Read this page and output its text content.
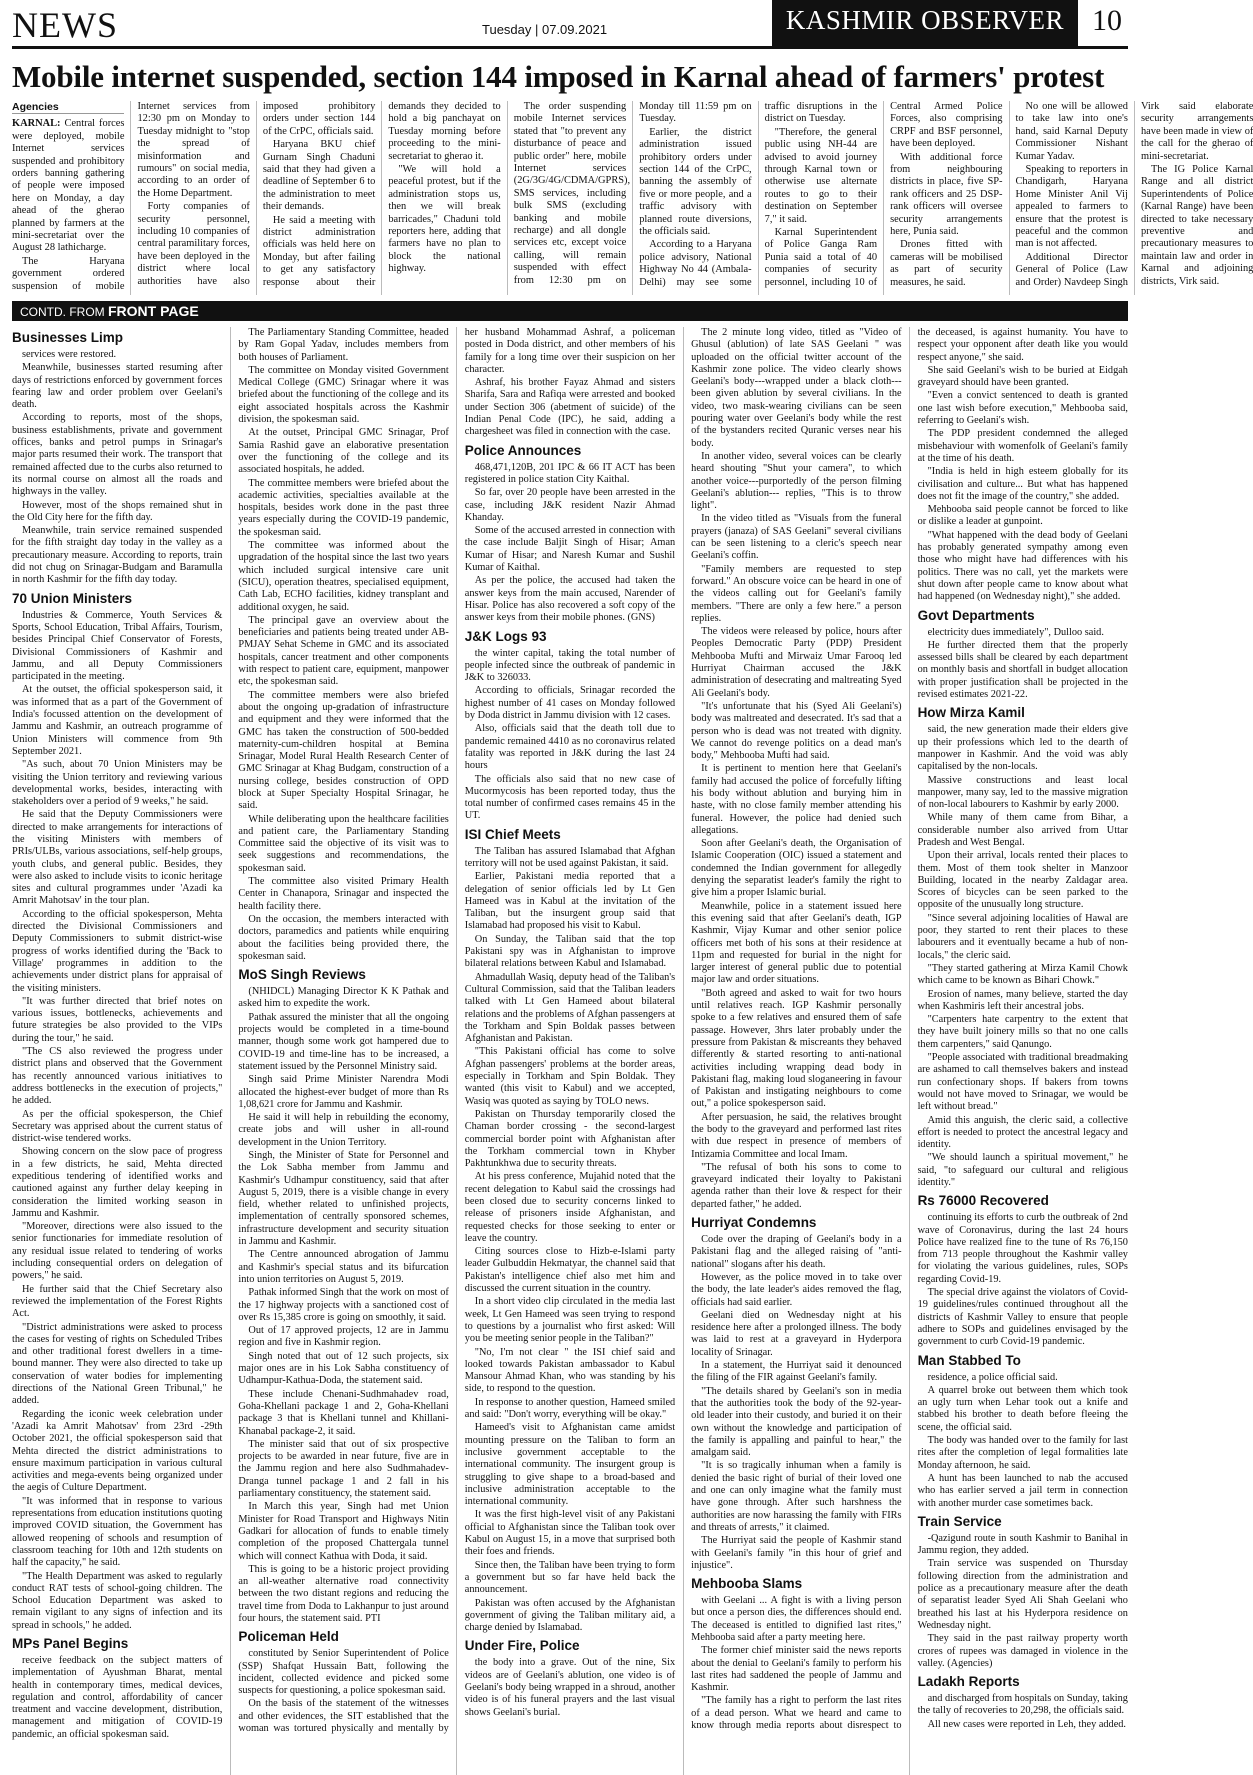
NEWS	Tuesday | 07.09.2021	KASHMIR OBSERVER 10
Mobile internet suspended, section 144 imposed in Karnal ahead of farmers' protest
Agencies

KARNAL: Central forces were deployed, mobile Internet services suspended and prohibitory orders banning gathering of people were imposed here on Monday, a day ahead of the gherao planned by farmers at the mini-secretariat over the August 28 lathicharge.

The Haryana government ordered suspension of mobile Internet services from 12:30 pm on Monday to Tuesday midnight to "stop the spread of misinformation and rumours" on social media, according to an order of the Home Department.

Forty companies of security personnel, including 10 companies of central paramilitary forces, have been deployed in the district where local authorities have also imposed prohibitory orders under section 144 of the CrPC, officials said.

Haryana BKU chief Gurnam Singh Chaduni said that they had given a deadline of September 6 to the administration to meet their demands.

He said a meeting with district administration officials was held here on Monday, but after failing to get any satisfactory response about their demands they decided to hold a big panchayat on Tuesday morning before proceeding to the mini-secretariat to gherao it.

"We will hold a peaceful protest, but if the administration stops us, then we will break barricades," Chaduni told reporters here, adding that farmers have no plan to block the national highway.

The order suspending mobile Internet services stated that "to prevent any disturbance of peace and public order" here, mobile Internet services (2G/3G/4G/CDMA/GPRS), SMS services, including bulk SMS (excluding banking and mobile recharge) and all dongle services etc, except voice calling, will remain suspended with effect from 12:30 pm on Monday till 11:59 pm on Tuesday.

Earlier, the district administration issued prohibitory orders under section 144 of the CrPC, banning the assembly of five or more people, and a traffic advisory with planned route diversions, the officials said.

According to a Haryana police advisory, National Highway No 44 (Ambala-Delhi) may see some traffic disruptions in the district on Tuesday.

"Therefore, the general public using NH-44 are advised to avoid journey through Karnal town or otherwise use alternate routes to go to their destination on September 7," it said.

Karnal Superintendent of Police Ganga Ram Punia said a total of 40 companies of security personnel, including 10 of Central Armed Police Forces, also comprising CRPF and BSF personnel, have been deployed.

With additional force from neighbouring districts in place, five SP-rank officers and 25 DSP-rank officers will oversee security arrangements here, Punia said.

Drones fitted with cameras will be mobilised as part of security measures, he said.

No one will be allowed to take law into one's hand, said Karnal Deputy Commissioner Nishant Kumar Yadav.

Speaking to reporters in Chandigarh, Haryana Home Minister Anil Vij appealed to farmers to ensure that the protest is peaceful and the common man is not affected.

Additional Director General of Police (Law and Order) Navdeep Singh Virk said elaborate security arrangements have been made in view of the call for the gherao of mini-secretariat.

The IG Police Karnal Range and all district Superintendents of Police (Karnal Range) have been directed to take necessary preventive and precautionary measures to maintain law and order in Karnal and adjoining districts, Virk said.

CONTD. FROM FRONT PAGE
Businesses Limp

services were restored.

Meanwhile, businesses started resuming after days of restrictions enforced by government forces fearing law and order problem over Geelani's death.

According to reports, most of the shops, business establishments, private and government offices, banks and petrol pumps in Srinagar's major parts resumed their work. The transport that remained affected due to the curbs also returned to its normal course on almost all the roads and highways in the valley.

However, most of the shops remained shut in the Old City here for the fifth day.

Meanwhile, train service remained suspended for the fifth straight day today in the valley as a precautionary measure. According to reports, train did not chug on Srinagar-Budgam and Baramulla in north Kashmir for the fifth day today.

70 Union Ministers

Industries & Commerce, Youth Services & Sports, School Education, Tribal Affairs, Tourism, besides Principal Chief Conservator of Forests, Divisional Commissioners of Kashmir and Jammu, and all Deputy Commissioners participated in the meeting.

At the outset, the official spokesperson said, it was informed that as a part of the Government of India's focussed attention on the development of Jammu and Kashmir, an outreach programme of Union Ministers will commence from 9th September 2021.

"As such, about 70 Union Ministers may be visiting the Union territory and reviewing various developmental works, besides, interacting with stakeholders over a period of 9 weeks," he said.

He said that the Deputy Commissioners were directed to make arrangements for interactions of the visiting Ministers with members of PRIs/ULBs, various associations, self-help groups, youth clubs, and general public. Besides, they were also asked to include visits to iconic heritage sites and cultural programmes under 'Azadi ka Amrit Mahotsav' in the tour plan.

According to the official spokesperson, Mehta directed the Divisional Commissioners and Deputy Commissioners to submit district-wise progress of works identified during the 'Back to Village' programmes in addition to the achievements under district plans for appraisal of the visiting ministers.

"It was further directed that brief notes on various issues, bottlenecks, achievements and future strategies be also provided to the VIPs during the tour," he said.

"The CS also reviewed the progress under district plans and observed that the Government has recently announced various initiatives to address bottlenecks in the execution of projects," he added.

As per the official spokesperson, the Chief Secretary was apprised about the current status of district-wise tendered works.

Showing concern on the slow pace of progress in a few districts, he said, Mehta directed expeditious tendering of identified works and cautioned against any further delay keeping in consideration the limited working season in Jammu and Kashmir.

"Moreover, directions were also issued to the senior functionaries for immediate resolution of any residual issue related to tendering of works including consequential orders on delegation of powers," he said.

He further said that the Chief Secretary also reviewed the implementation of the Forest Rights Act.

"District administrations were asked to process the cases for vesting of rights on Scheduled Tribes and other traditional forest dwellers in a time-bound manner. They were also directed to take up conservation of water bodies for implementing directions of the National Green Tribunal," he added.

Regarding the iconic week celebration under 'Azadi ka Amrit Mahotsav' from 23rd -29th October 2021, the official spokesperson said that Mehta directed the district administrations to ensure maximum participation in various cultural activities and mega-events being organized under the aegis of Culture Department.

"It was informed that in response to various representations from education institutions quoting improved COVID situation, the Government has allowed reopening of schools and resumption of classroom teaching for 10th and 12th students on half the capacity," he said.

"The Health Department was asked to regularly conduct RAT tests of school-going children. The School Education Department was asked to remain vigilant to any signs of infection and its spread in schools," he added.

MPs Panel Begins

receive feedback on the subject matters of implementation of Ayushman Bharat, mental health in contemporary times, medical devices, regulation and control, affordability of cancer treatment and vaccine development, distribution, management and mitigation of COVID-19 pandemic, an official spokesman said.

The Parliamentary Standing Committee, headed by Ram Gopal Yadav, includes members from both houses of Parliament.

The committee on Monday visited Government Medical College (GMC) Srinagar where it was briefed about the functioning of the college and its eight associated hospitals across the Kashmir division, the spokesman said.

At the outset, Principal GMC Srinagar, Prof Samia Rashid gave an elaborative presentation over the functioning of the college and its associated hospitals, he added.

The committee members were briefed about the academic activities, specialties available at the hospitals, besides work done in the past three years especially during the COVID-19 pandemic, the spokesman said.

The committee was informed about the upgradation of the hospital since the last two years which included surgical intensive care unit (SICU), operation theatres, specialised equipment, Cath Lab, ECHO facilities, kidney transplant and additional oxygen, he said.

The principal gave an overview about the beneficiaries and patients being treated under AB-PMJAY Sehat Scheme in GMC and its associated hospitals, cancer treatment and other components with respect to patient care, equipment, manpower etc, the spokesman said.

The committee members were also briefed about the ongoing up-gradation of infrastructure and equipment and they were informed that the GMC has taken the construction of 500-bedded maternity-cum-children hospital at Bemina Srinagar, Model Rural Health Research Center of GMC Srinagar at Khag Budgam, construction of a nursing college, besides construction of OPD block at Super Specialty Hospital Srinagar, he said.

While deliberating upon the healthcare facilities and patient care, the Parliamentary Standing Committee said the objective of its visit was to seek suggestions and recommendations, the spokesman said.

The committee also visited Primary Health Center in Chanapora, Srinagar and inspected the health facility there.

On the occasion, the members interacted with doctors, paramedics and patients while enquiring about the facilities being provided there, the spokesman said.

MoS Singh Reviews

(NHIDCL) Managing Director K K Pathak and asked him to expedite the work.

Pathak assured the minister that all the ongoing projects would be completed in a time-bound manner, though some work got hampered due to COVID-19 and time-line has to be increased, a statement issued by the Personnel Ministry said.

Singh said Prime Minister Narendra Modi allocated the highest-ever budget of more than Rs 1,08,621 crore for Jammu and Kashmir.

He said it will help in rebuilding the economy, create jobs and will usher in all-round development in the Union Territory.

Singh, the Minister of State for Personnel and the Lok Sabha member from Jammu and Kashmir's Udhampur constituency, said that after August 5, 2019, there is a visible change in every field, whether related to unfinished projects, implementation of centrally sponsored schemes, infrastructure development and security situation in Jammu and Kashmir.

The Centre announced abrogation of Jammu and Kashmir's special status and its bifurcation into union territories on August 5, 2019.

Pathak informed Singh that the work on most of the 17 highway projects with a sanctioned cost of over Rs 15,385 crore is going on smoothly, it said.

Out of 17 approved projects, 12 are in Jammu region and five in Kashmir region.

Singh noted that out of 12 such projects, six major ones are in his Lok Sabha constituency of Udhampur-Kathua-Doda, the statement said.

These include Chenani-Sudhmahadev road, Goha-Khellani package 1 and 2, Goha-Khellani package 3 that is Khellani tunnel and Khillani-Khanabal package-2, it said.

The minister said that out of six prospective projects to be awarded in near future, five are in the Jammu region and here also Sudhmahadev-Dranga tunnel package 1 and 2 fall in his parliamentary constituency, the statement said.

In March this year, Singh had met Union Minister for Road Transport and Highways Nitin Gadkari for allocation of funds to enable timely completion of the proposed Chattergala tunnel which will connect Kathua with Doda, it said.

This is going to be a historic project providing an all-weather alternative road connectivity between the two distant regions and reducing the travel time from Doda to Lakhanpur to just around four hours, the statement said. PTI

Policeman Held

constituted by Senior Superintendent of Police (SSP) Shafqat Hussain Batt, following the incident, collected evidence and picked some suspects for questioning, a police spokesman said.

On the basis of the statement of the witnesses and other evidences, the SIT established that the woman was tortured physically and mentally by her husband Mohammad Ashraf, a policeman posted in Doda district, and other members of his family for a long time over their suspicion on her character.

Ashraf, his brother Fayaz Ahmad and sisters Sharifa, Sara and Rafiqa were arrested and booked under Section 306 (abetment of suicide) of the Indian Penal Code (IPC), he said, adding a chargesheet was filed in connection with the case.

Police Announces

468,471,120B, 201 IPC & 66 IT ACT has been registered in police station City Kaithal.

So far, over 20 people have been arrested in the case, including J&K resident Nazir Ahmad Khanday.

Some of the accused arrested in connection with the case include Baljit Singh of Hisar; Aman Kumar of Hisar; and Naresh Kumar and Sushil Kumar of Kaithal.

As per the police, the accused had taken the answer keys from the main accused, Narender of Hisar. Police has also recovered a soft copy of the answer keys from their mobile phones. (GNS)

J&K Logs 93

the winter capital, taking the total number of people infected since the outbreak of pandemic in J&K to 326033.

According to officials, Srinagar recorded the highest number of 41 cases on Monday followed by Doda district in Jammu division with 12 cases.

Also, officials said that the death toll due to pandemic remained 4410 as no coronavirus related fatality was reported in J&K during the last 24 hours

The officials also said that no new case of Mucormycosis has been reported today, thus the total number of confirmed cases remains 45 in the UT.

ISI Chief Meets

The Taliban has assured Islamabad that Afghan territory will not be used against Pakistan, it said.

Earlier, Pakistani media reported that a delegation of senior officials led by Lt Gen Hameed was in Kabul at the invitation of the Taliban, but the insurgent group said that Islamabad had proposed his visit to Kabul.

On Sunday, the Taliban said that the top Pakistani spy was in Afghanistan to improve bilateral relations between Kabul and Islamabad.

Ahmadullah Wasiq, deputy head of the Taliban's Cultural Commission, said that the Taliban leaders talked with Lt Gen Hameed about bilateral relations and the problems of Afghan passengers at the Torkham and Spin Boldak passes between Afghanistan and Pakistan.

"This Pakistani official has come to solve Afghan passengers' problems at the border areas, especially in Torkham and Spin Boldak. They wanted (this visit to Kabul) and we accepted, Wasiq was quoted as saying by TOLO news.

Pakistan on Thursday temporarily closed the Chaman border crossing - the second-largest commercial border point with Afghanistan after the Torkham commercial town in Khyber Pakhtunkhwa due to security threats.

At his press conference, Mujahid noted that the recent delegation to Kabul said the crossings had been closed due to security concerns linked to release of prisoners inside Afghanistan, and requested checks for those seeking to enter or leave the country.

Citing sources close to Hizb-e-Islami party leader Gulbuddin Hekmatyar, the channel said that Pakistan's intelligence chief also met him and discussed the current situation in the country.

In a short video clip circulated in the media last week, Lt Gen Hameed was seen trying to respond to questions by a journalist who first asked: Will you be meeting senior people in the Taliban?"

"No, I'm not clear " the ISI chief said and looked towards Pakistan ambassador to Kabul Mansour Ahmad Khan, who was standing by his side, to respond to the question.

In response to another question, Hameed smiled and said: "Don't worry, everything will be okay."

Hameed's visit to Afghanistan came amidst mounting pressure on the Taliban to form an inclusive government acceptable to the international community. The insurgent group is struggling to give shape to a broad-based and inclusive administration acceptable to the international community.

It was the first high-level visit of any Pakistani official to Afghanistan since the Taliban took over Kabul on August 15, in a move that surprised both their foes and friends.

Since then, the Taliban have been trying to form a government but so far have held back the announcement.

Pakistan was often accused by the Afghanistan government of giving the Taliban military aid, a charge denied by Islamabad.

Under Fire, Police

the body into a grave. Out of the nine, Six videos are of Geelani's ablution, one video is of Geelani's body being wrapped in a shroud, another video is of his funeral prayers and the last visual shows Geelani's burial.

The 2 minute long video, titled as "Video of Ghusul (ablution) of late SAS Geelani " was uploaded on the official twitter account of the Kashmir zone police. The video clearly shows Geelani's body---wrapped under a black cloth---been given ablution by several civilians. In the video, two mask-wearing civilians can be seen pouring water over Geelani's body while the rest of the bystanders recited Quranic verses near his body.

In another video, several voices can be clearly heard shouting "Shut your camera", to which another voice---purportedly of the person filming Geelani's ablution--- replies, "This is to throw light".

In the video titled as "Visuals from the funeral prayers (janaza) of SAS Geelani" several civilians can be seen listening to a cleric's speech near Geelani's coffin.

"Family members are requested to step forward." An obscure voice can be heard in one of the videos calling out for Geelani's family members. "There are only a few here." a person replies.

The videos were released by police, hours after Peoples Democratic Party (PDP) President Mehbooba Mufti and Mirwaiz Umar Farooq led Hurriyat Chairman accused the J&K administration of desecrating and maltreating Syed Ali Geelani's body.

"It's unfortunate that his (Syed Ali Geelani's) body was maltreated and desecrated. It's sad that a person who is dead was not treated with dignity. We cannot do revenge politics on a dead man's body," Mehbooba Mufti had said.

It is pertinent to mention here that Geelani's family had accused the police of forcefully lifting his body without ablution and burying him in haste, with no close family member attending his funeral. However, the police had denied such allegations.

Soon after Geelani's death, the Organisation of Islamic Cooperation (OIC) issued a statement and condemned the Indian government for allegedly denying the separatist leader's family the right to give him a proper Islamic burial.

Meanwhile, police in a statement issued here this evening said that after Geelani's death, IGP Kashmir, Vijay Kumar and other senior police officers met both of his sons at their residence at 11pm and requested for burial in the night for larger interest of general public due to potential major law and order situations.

"Both agreed and asked to wait for two hours until relatives reach. IGP Kashmir personally spoke to a few relatives and ensured them of safe passage. However, 3hrs later probably under the pressure from Pakistan & miscreants they behaved differently & started resorting to anti-national activities including wrapping dead body in Pakistani flag, making loud sloganeering in favour of Pakistan and instigating neighbours to come out," a police spokesperson said.

After persuasion, he said, the relatives brought the body to the graveyard and performed last rites with due respect in presence of members of Intizamia Committee and local Imam.

"The refusal of both his sons to come to graveyard indicated their loyalty to Pakistani agenda rather than their love & respect for their departed father," he added.

Hurriyat Condemns

Code over the draping of Geelani's body in a Pakistani flag and the alleged raising of "anti-national" slogans after his death.

However, as the police moved in to take over the body, the late leader's aides removed the flag, officials had said earlier.

Geelani died on Wednesday night at his residence here after a prolonged illness. The body was laid to rest at a graveyard in Hyderpora locality of Srinagar.

In a statement, the Hurriyat said it denounced the filing of the FIR against Geelani's family.

"The details shared by Geelani's son in media that the authorities took the body of the 92-year-old leader into their custody, and buried it on their own without the knowledge and participation of the family is appalling and painful to hear," the amalgam said.

"It is so tragically inhuman when a family is denied the basic right of burial of their loved one and one can only imagine what the family must have gone through. After such harshness the authorities are now harassing the family with FIRs and threats of arrests," it claimed.

The Hurriyat said the people of Kashmir stand with Geelani's family "in this hour of grief and injustice".

Mehbooba Slams

with Geelani ... A fight is with a living person but once a person dies, the differences should end. The deceased is entitled to dignified last rites," Mehbooba said after a party meeting here.

The former chief minister said the news reports about the denial to Geelani's family to perform his last rites had saddened the people of Jammu and Kashmir.

"The family has a right to perform the last rites of a dead person. What we heard and came to know through media reports about disrespect to the deceased, is against humanity. You have to respect your opponent after death like you would respect anyone," she said.

She said Geelani's wish to be buried at Eidgah graveyard should have been granted.

"Even a convict sentenced to death is granted one last wish before execution," Mehbooba said, referring to Geelani's wish.

The PDP president condemned the alleged misbehaviour with womenfolk of Geelani's family at the time of his death.

"India is held in high esteem globally for its civilisation and culture... But what has happened does not fit the image of the country," she added.

Mehbooba said people cannot be forced to like or dislike a leader at gunpoint.

"What happened with the dead body of Geelani has probably generated sympathy among even those who might have had differences with his politics. There was no call, yet the markets were shut down after people came to know about what had happened (on Wednesday night)," she added.

Govt Departments

electricity dues immediately", Dulloo said.

He further directed them that the properly assessed bills shall be cleared by each department on monthly basis and shortfall in budget allocation with proper justification shall be projected in the revised estimates 2021-22.

How Mirza Kamil

said, the new generation made their elders give up their professions which led to the dearth of manpower in Kashmir. And the void was ably capitalised by the non-locals.

Massive constructions and least local manpower, many say, led to the massive migration of non-local labourers to Kashmir by early 2000.

While many of them came from Bihar, a considerable number also arrived from Uttar Pradesh and West Bengal.

Upon their arrival, locals rented their places to them. Most of them took shelter in Manzoor Building, located in the nearby Zaldagar area. Scores of bicycles can be seen parked to the opposite of the unusually long structure.

"Since several adjoining localities of Hawal are poor, they started to rent their places to these labourers and it eventually became a hub of non-locals," the cleric said.

"They started gathering at Mirza Kamil Chowk which came to be known as Bihari Chowk."

Erosion of names, many believe, started the day when Kashmiris left their ancestral jobs.

"Carpenters hate carpentry to the extent that they have built joinery mills so that no one calls them carpenters," said Qanungo.

"People associated with traditional breadmaking are ashamed to call themselves bakers and instead run confectionary shops. If bakers from towns would not have moved to Srinagar, we would be left without bread."

Amid this anguish, the cleric said, a collective effort is needed to protect the ancestral legacy and identity.

"We should launch a spiritual movement," he said, "to safeguard our cultural and religious identity."

Rs 76000 Recovered

continuing its efforts to curb the outbreak of 2nd wave of Coronavirus, during the last 24 hours Police have realized fine to the tune of Rs 76,150 from 713 people throughout the Kashmir valley for violating the various guidelines, rules, SOPs regarding Covid-19.

The special drive against the violators of Covid-19 guidelines/rules continued throughout all the districts of Kashmir Valley to ensure that people adhere to SOPs and guidelines envisaged by the government to curb Covid-19 pandemic.

Man Stabbed To

residence, a police official said.

A quarrel broke out between them which took an ugly turn when Lehar took out a knife and stabbed his brother to death before fleeing the scene, the official said.

The body was handed over to the family for last rites after the completion of legal formalities late Monday afternoon, he said.

A hunt has been launched to nab the accused who has earlier served a jail term in connection with another murder case sometimes back.

Train Service

-Qazigund route in south Kashmir to Banihal in Jammu region, they added.

Train service was suspended on Thursday following direction from the administration and police as a precautionary measure after the death of separatist leader Syed Ali Shah Geelani who breathed his last at his Hyderpora residence on Wednesday night.

They said in the past railway property worth crores of rupees was damaged in violence in the valley. (Agencies)

Ladakh Reports

and discharged from hospitals on Sunday, taking the tally of recoveries to 20,298, the officials said.

All new cases were reported in Leh, they added.
